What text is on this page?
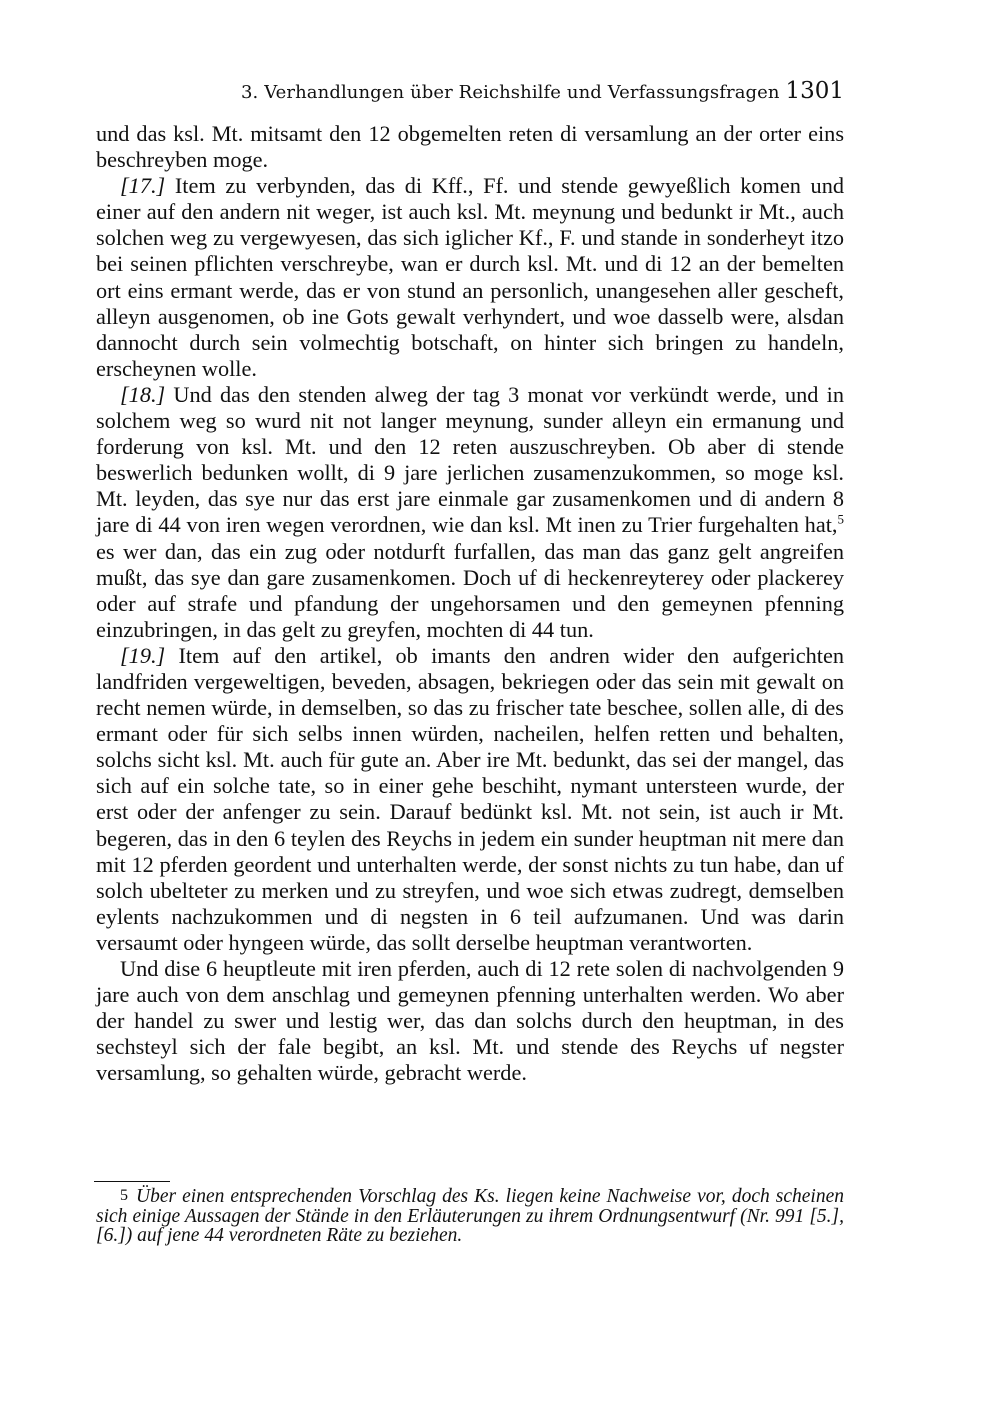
3. Verhandlungen über Reichshilfe und Verfassungsfragen 1301

und das ksl. Mt. mitsamt den 12 obgemelten reten di versamlung an der orter eins beschreyben moge.

[17.] Item zu verbynden, das di Kff., Ff. und stende gewyeßlich komen und einer auf den andern nit weger, ist auch ksl. Mt. meynung und bedunkt ir Mt., auch solchen weg zu vergewyesen, das sich iglicher Kf., F. und stande in sonderheyt itzo bei seinen pflichten verschreybe, wan er durch ksl. Mt. und di 12 an der bemelten ort eins ermant werde, das er von stund an personlich, unangesehen aller gescheft, alleyn ausgenomen, ob ine Gots gewalt verhyndert, und woe dasselb were, alsdan dannocht durch sein volmechtig botschaft, on hinter sich bringen zu handeln, erscheynen wolle.

[18.] Und das den stenden alweg der tag 3 monat vor verkündt werde, und in solchem weg so wurd nit not langer meynung, sunder alleyn ein ermanung und forderung von ksl. Mt. und den 12 reten auszuschreyben. Ob aber di stende beswerlich bedunken wollt, di 9 jare jerlichen zusamenzukommen, so moge ksl. Mt. leyden, das sye nur das erst jare einmale gar zusamenkomen und di andern 8 jare di 44 von iren wegen verordnen, wie dan ksl. Mt inen zu Trier furgehalten hat,$^5$ es wer dan, das ein zug oder notdurft furfallen, das man das ganz gelt angreifen mußt, das sye dan gare zusamenkomen. Doch uf di heckenreyterey oder plackerey oder auf strafe und pfandung der ungehorsamen und den gemeynen pfenning einzubringen, in das gelt zu greyfen, mochten di 44 tun.

[19.] Item auf den artikel, ob imants den andren wider den aufgerichten landfriden vergeweltigen, beveden, absagen, bekriegen oder das sein mit gewalt on recht nemen würde, in demselben, so das zu frischer tate beschee, sollen alle, di des ermant oder für sich selbs innen würden, nacheilen, helfen retten und behalten, solchs sicht ksl. Mt. auch für gute an. Aber ire Mt. bedunkt, das sei der mangel, das sich auf ein solche tate, so in einer gehe beschiht, nymant untersteen wurde, der erst oder der anfenger zu sein. Darauf bedünkt ksl. Mt. not sein, ist auch ir Mt. begeren, das in den 6 teylen des Reychs in jedem ein sunder heuptman nit mere dan mit 12 pferden geordent und unterhalten werde, der sonst nichts zu tun habe, dan uf solch ubelteter zu merken und zu streyfen, und woe sich etwas zudregt, demselben eylents nachzukommen und di negsten in 6 teil aufzumanen. Und was darin versaumt oder hyngeen würde, das sollt derselbe heuptman verantworten.

Und dise 6 heuptleute mit iren pferden, auch di 12 rete solen di nachvolgenden 9 jare auch von dem anschlag und gemeynen pfenning unterhalten werden. Wo aber der handel zu swer und lestig wer, das dan solchs durch den heuptman, in des sechsteyl sich der fale begibt, an ksl. Mt. und stende des Reychs uf negster versamlung, so gehalten würde, gebracht werde.

5 Über einen entsprechenden Vorschlag des Ks. liegen keine Nachweise vor, doch scheinen sich einige Aussagen der Stände in den Erläuterungen zu ihrem Ordnungsentwurf (Nr. 991 [5.], [6.]) auf jene 44 verordneten Räte zu beziehen.
